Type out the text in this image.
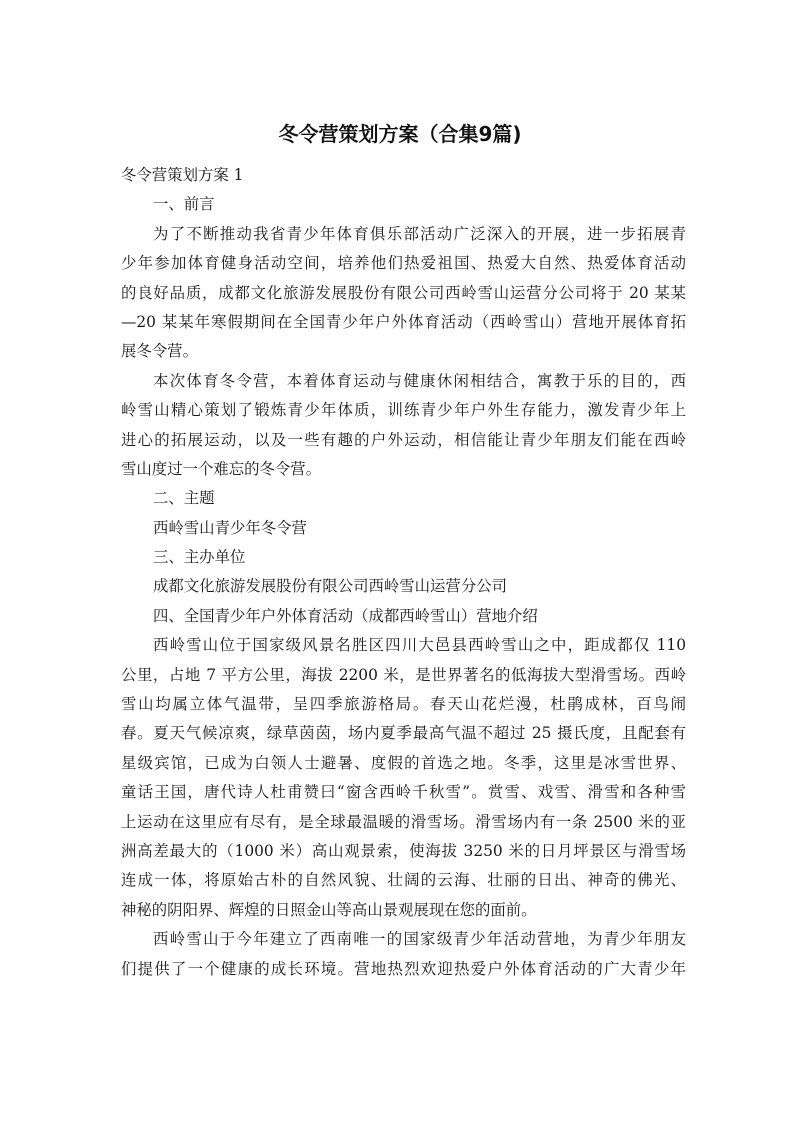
冬令营策划方案（合集9篇)
冬令营策划方案 1
一、前言
为了不断推动我省青少年体育俱乐部活动广泛深入的开展，进一步拓展青
少年参加体育健身活动空间，培养他们热爱祖国、热爱大自然、热爱体育活动
的良好品质，成都文化旅游发展股份有限公司西岭雪山运营分公司将于 20 某某
—20 某某年寒假期间在全国青少年户外体育活动（西岭雪山）营地开展体育拓
展冬令营。
本次体育冬令营，本着体育运动与健康休闲相结合，寓教于乐的目的，西
岭雪山精心策划了锻炼青少年体质，训练青少年户外生存能力，激发青少年上
进心的拓展运动，以及一些有趣的户外运动，相信能让青少年朋友们能在西岭
雪山度过一个难忘的冬令营。
二、主题
西岭雪山青少年冬令营
三、主办单位
成都文化旅游发展股份有限公司西岭雪山运营分公司
四、全国青少年户外体育活动（成都西岭雪山）营地介绍
西岭雪山位于国家级风景名胜区四川大邑县西岭雪山之中，距成都仅 110
公里，占地 7 平方公里，海拔 2200 米，是世界著名的低海拔大型滑雪场。西岭
雪山均属立体气温带，呈四季旅游格局。春天山花烂漫，杜鹃成林，百鸟闹
春。夏天气候凉爽，绿草茵茵，场内夏季最高气温不超过 25 摄氏度，且配套有
星级宾馆，已成为白领人士避暑、度假的首选之地。冬季，这里是冰雪世界、
童话王国，唐代诗人杜甫赞曰“窗含西岭千秋雪”。赏雪、戏雪、滑雪和各种雪
上运动在这里应有尽有，是全球最温暖的滑雪场。滑雪场内有一条 2500 米的亚
洲高差最大的（1000 米）高山观景索，使海拔 3250 米的日月坪景区与滑雪场
连成一体，将原始古朴的自然风貌、壮阔的云海、壮丽的日出、神奇的佛光、
神秘的阴阳界、辉煌的日照金山等高山景观展现在您的面前。
西岭雪山于今年建立了西南唯一的国家级青少年活动营地，为青少年朋友
们提供了一个健康的成长环境。营地热烈欢迎热爱户外体育活动的广大青少年
